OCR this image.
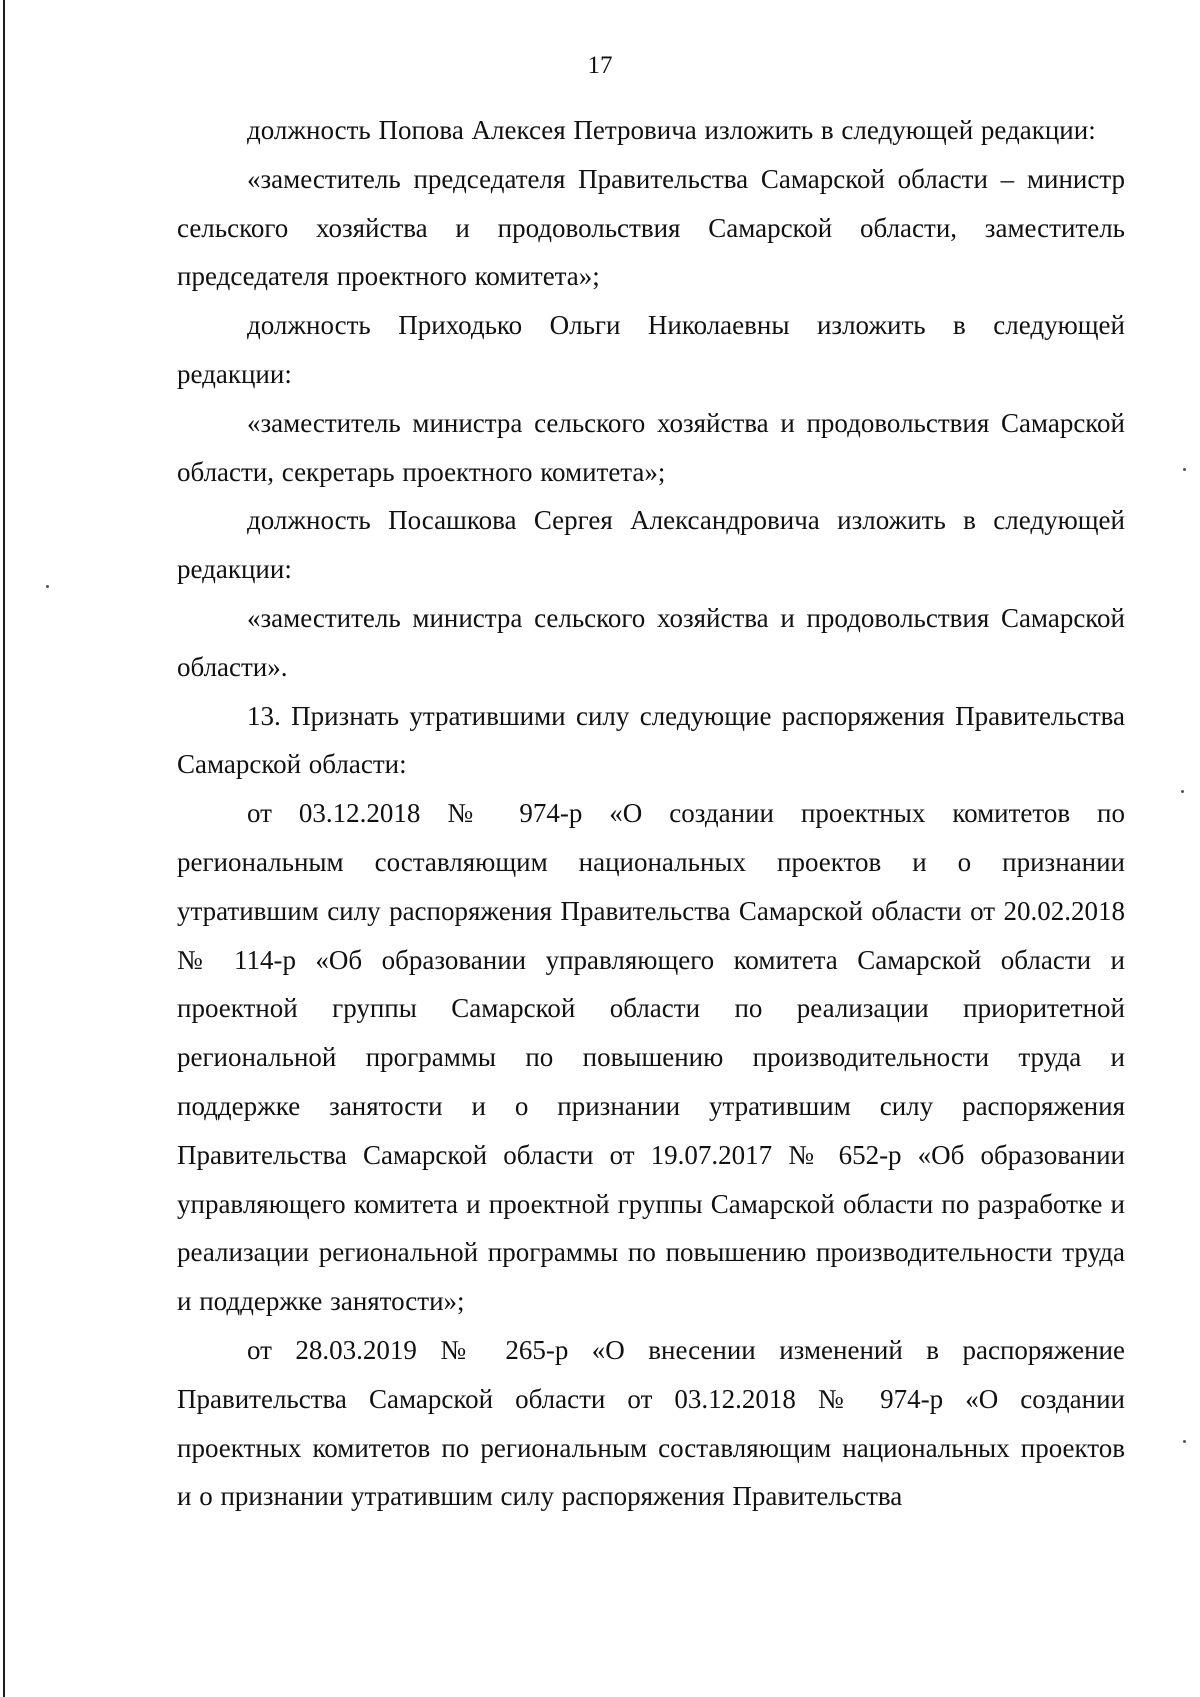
17

должность Попова Алексея Петровича изложить в следующей редакции:

«заместитель председателя Правительства Самарской области – министр сельского хозяйства и продовольствия Самарской области, заместитель председателя проектного комитета»;

должность Приходько Ольги Николаевны изложить в следующей редакции:

«заместитель министра сельского хозяйства и продовольствия Самарской области, секретарь проектного комитета»;

должность Посашкова Сергея Александровича изложить в следующей редакции:

«заместитель министра сельского хозяйства и продовольствия Самарской области».

13. Признать утратившими силу следующие распоряжения Правительства Самарской области:

от 03.12.2018 № 974-р «О создании проектных комитетов по региональным составляющим национальных проектов и о признании утратившим силу распоряжения Правительства Самарской области от 20.02.2018 № 114-р «Об образовании управляющего комитета Самарской области и проектной группы Самарской области по реализации приоритетной региональной программы по повышению производительности труда и поддержке занятости и о признании утратившим силу распоряжения Правительства Самарской области от 19.07.2017 № 652-р «Об образовании управляющего комитета и проектной группы Самарской области по разработке и реализации региональной программы по повышению производительности труда и поддержке занятости»;

от 28.03.2019 № 265-р «О внесении изменений в распоряжение Правительства Самарской области от 03.12.2018 № 974-р «О создании проектных комитетов по региональным составляющим национальных проектов и о признании утратившим силу распоряжения Правительства
